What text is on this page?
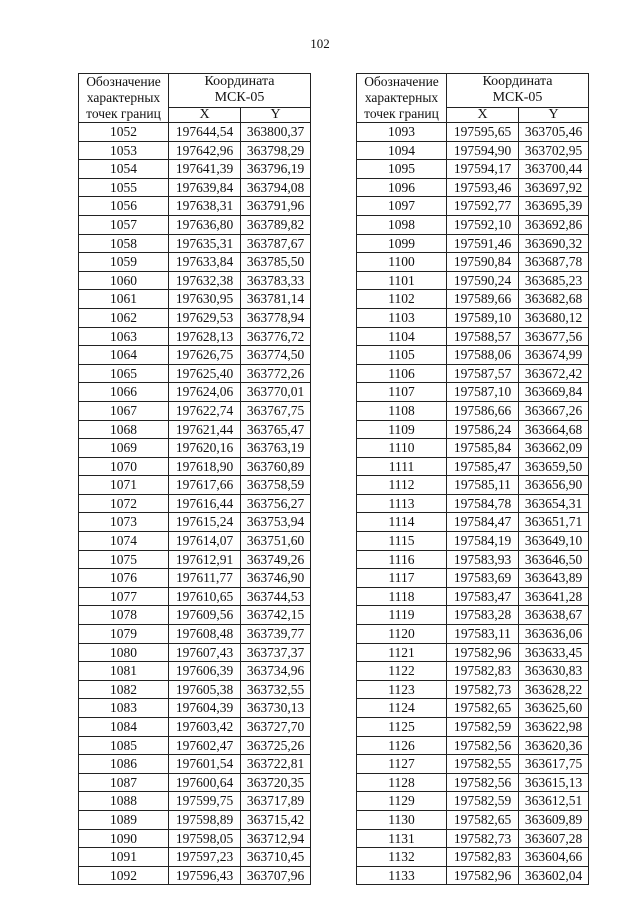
102
Обозначение
характерных
точек границ	Координата
МСК-05	
	X	Y
1052	197644,54	363800,37
1053	197642,96	363798,29
1054	197641,39	363796,19
1055	197639,84	363794,08
1056	197638,31	363791,96
1057	197636,80	363789,82
1058	197635,31	363787,67
1059	197633,84	363785,50
1060	197632,38	363783,33
1061	197630,95	363781,14
1062	197629,53	363778,94
1063	197628,13	363776,72
1064	197626,75	363774,50
1065	197625,40	363772,26
1066	197624,06	363770,01
1067	197622,74	363767,75
1068	197621,44	363765,47
1069	197620,16	363763,19
1070	197618,90	363760,89
1071	197617,66	363758,59
1072	197616,44	363756,27
1073	197615,24	363753,94
1074	197614,07	363751,60
1075	197612,91	363749,26
1076	197611,77	363746,90
1077	197610,65	363744,53
1078	197609,56	363742,15
1079	197608,48	363739,77
1080	197607,43	363737,37
1081	197606,39	363734,96
1082	197605,38	363732,55
1083	197604,39	363730,13
1084	197603,42	363727,70
1085	197602,47	363725,26
1086	197601,54	363722,81
1087	197600,64	363720,35
1088	197599,75	363717,89
1089	197598,89	363715,42
1090	197598,05	363712,94
1091	197597,23	363710,45
1092	197596,43	363707,96
Обозначение
характерных
точек границ	Координата
МСК-05	
	X	Y
1093	197595,65	363705,46
1094	197594,90	363702,95
1095	197594,17	363700,44
1096	197593,46	363697,92
1097	197592,77	363695,39
1098	197592,10	363692,86
1099	197591,46	363690,32
1100	197590,84	363687,78
1101	197590,24	363685,23
1102	197589,66	363682,68
1103	197589,10	363680,12
1104	197588,57	363677,56
1105	197588,06	363674,99
1106	197587,57	363672,42
1107	197587,10	363669,84
1108	197586,66	363667,26
1109	197586,24	363664,68
1110	197585,84	363662,09
1111	197585,47	363659,50
1112	197585,11	363656,90
1113	197584,78	363654,31
1114	197584,47	363651,71
1115	197584,19	363649,10
1116	197583,93	363646,50
1117	197583,69	363643,89
1118	197583,47	363641,28
1119	197583,28	363638,67
1120	197583,11	363636,06
1121	197582,96	363633,45
1122	197582,83	363630,83
1123	197582,73	363628,22
1124	197582,65	363625,60
1125	197582,59	363622,98
1126	197582,56	363620,36
1127	197582,55	363617,75
1128	197582,56	363615,13
1129	197582,59	363612,51
1130	197582,65	363609,89
1131	197582,73	363607,28
1132	197582,83	363604,66
1133	197582,96	363602,04
